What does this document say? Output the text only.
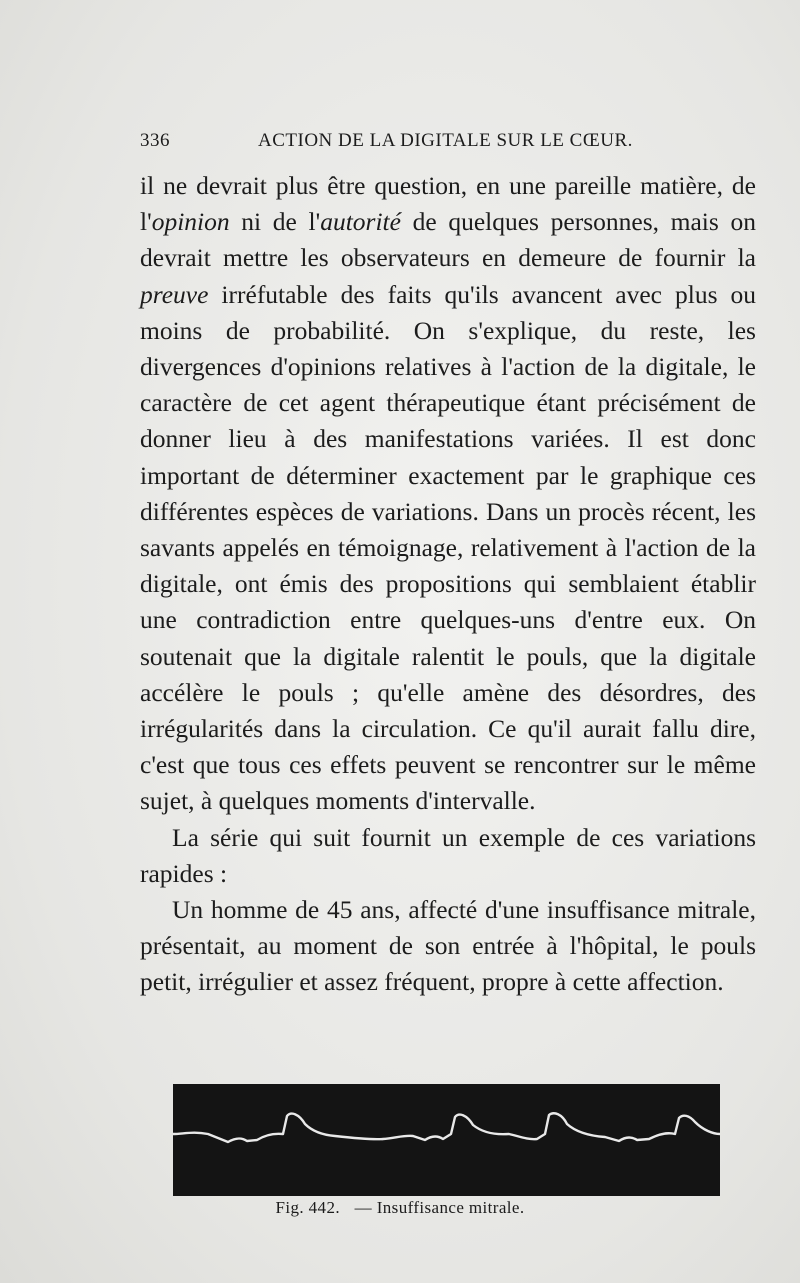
336	ACTION DE LA DIGITALE SUR LE CŒUR.

il ne devrait plus être question, en une pareille matière, de l'opinion ni de l'autorité de quelques personnes, mais on devrait mettre les observateurs en demeure de fournir la preuve irréfutable des faits qu'ils avancent avec plus ou moins de probabilité. On s'explique, du reste, les divergences d'opinions relatives à l'action de la digitale, le caractère de cet agent thérapeutique étant précisément de donner lieu à des manifestations variées. Il est donc important de déterminer exactement par le graphique ces différentes espèces de variations. Dans un procès récent, les savants appelés en témoignage, relativement à l'action de la digitale, ont émis des propositions qui semblaient établir une contradiction entre quelques-uns d'entre eux. On soutenait que la digitale ralentit le pouls, que la digitale accélère le pouls ; qu'elle amène des désordres, des irrégularités dans la circulation. Ce qu'il aurait fallu dire, c'est que tous ces effets peuvent se rencontrer sur le même sujet, à quelques moments d'intervalle.

La série qui suit fournit un exemple de ces variations rapides :

Un homme de 45 ans, affecté d'une insuffisance mitrale, présentait, au moment de son entrée à l'hôpital, le pouls petit, irrégulier et assez fréquent, propre à cette affection.

Fig. 442. — Insuffisance mitrale.
